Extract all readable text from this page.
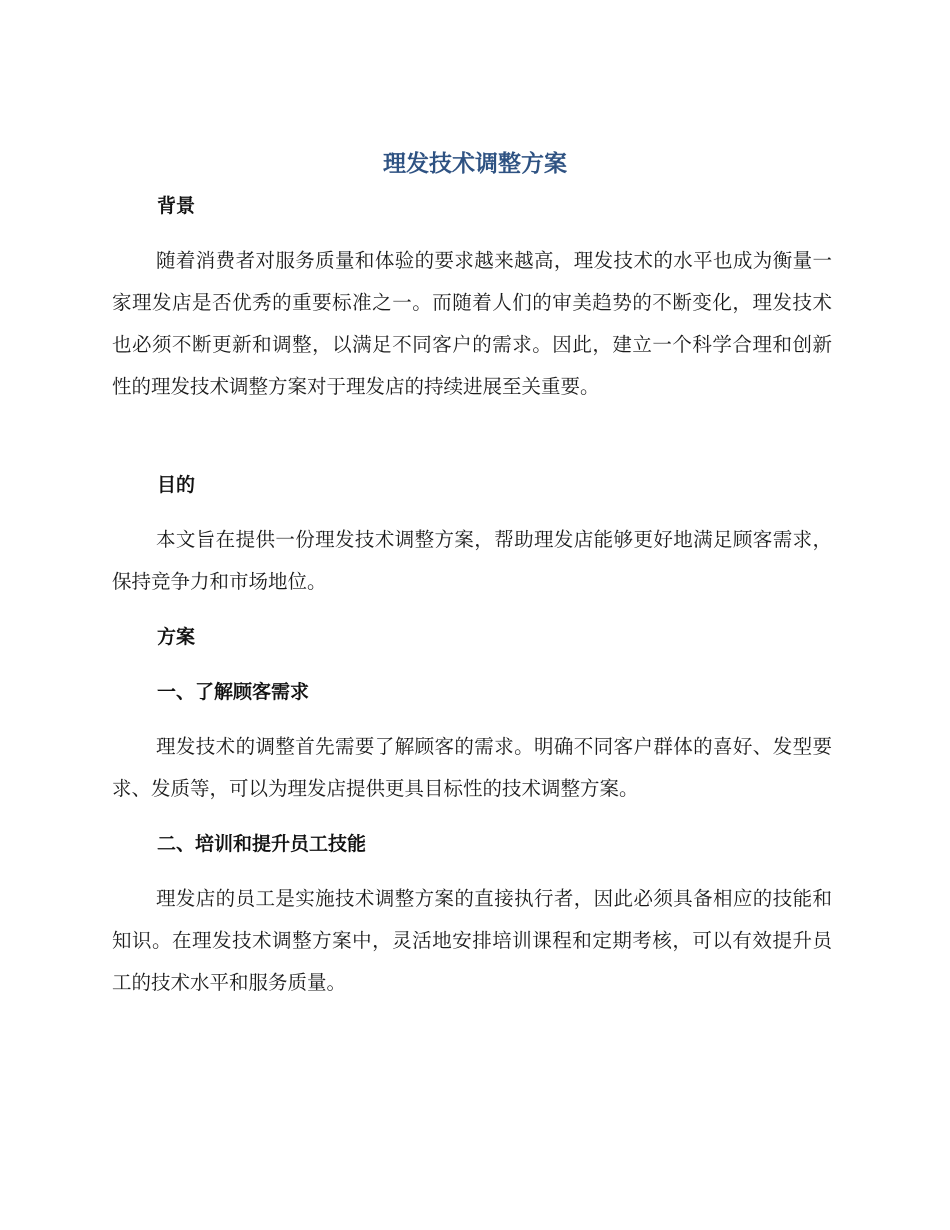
理发技术调整方案
背景

随着消费者对服务质量和体验的要求越来越高，理发技术的水平也成为衡量一家理发店是否优秀的重要标准之一。而随着人们的审美趋势的不断变化，理发技术也必须不断更新和调整，以满足不同客户的需求。因此，建立一个科学合理和创新性的理发技术调整方案对于理发店的持续进展至关重要。

目的

本文旨在提供一份理发技术调整方案，帮助理发店能够更好地满足顾客需求，保持竞争力和市场地位。

方案
一、了解顾客需求

理发技术的调整首先需要了解顾客的需求。明确不同客户群体的喜好、发型要求、发质等，可以为理发店提供更具目标性的技术调整方案。

二、培训和提升员工技能

理发店的员工是实施技术调整方案的直接执行者，因此必须具备相应的技能和知识。在理发技术调整方案中，灵活地安排培训课程和定期考核，可以有效提升员工的技术水平和服务质量。
